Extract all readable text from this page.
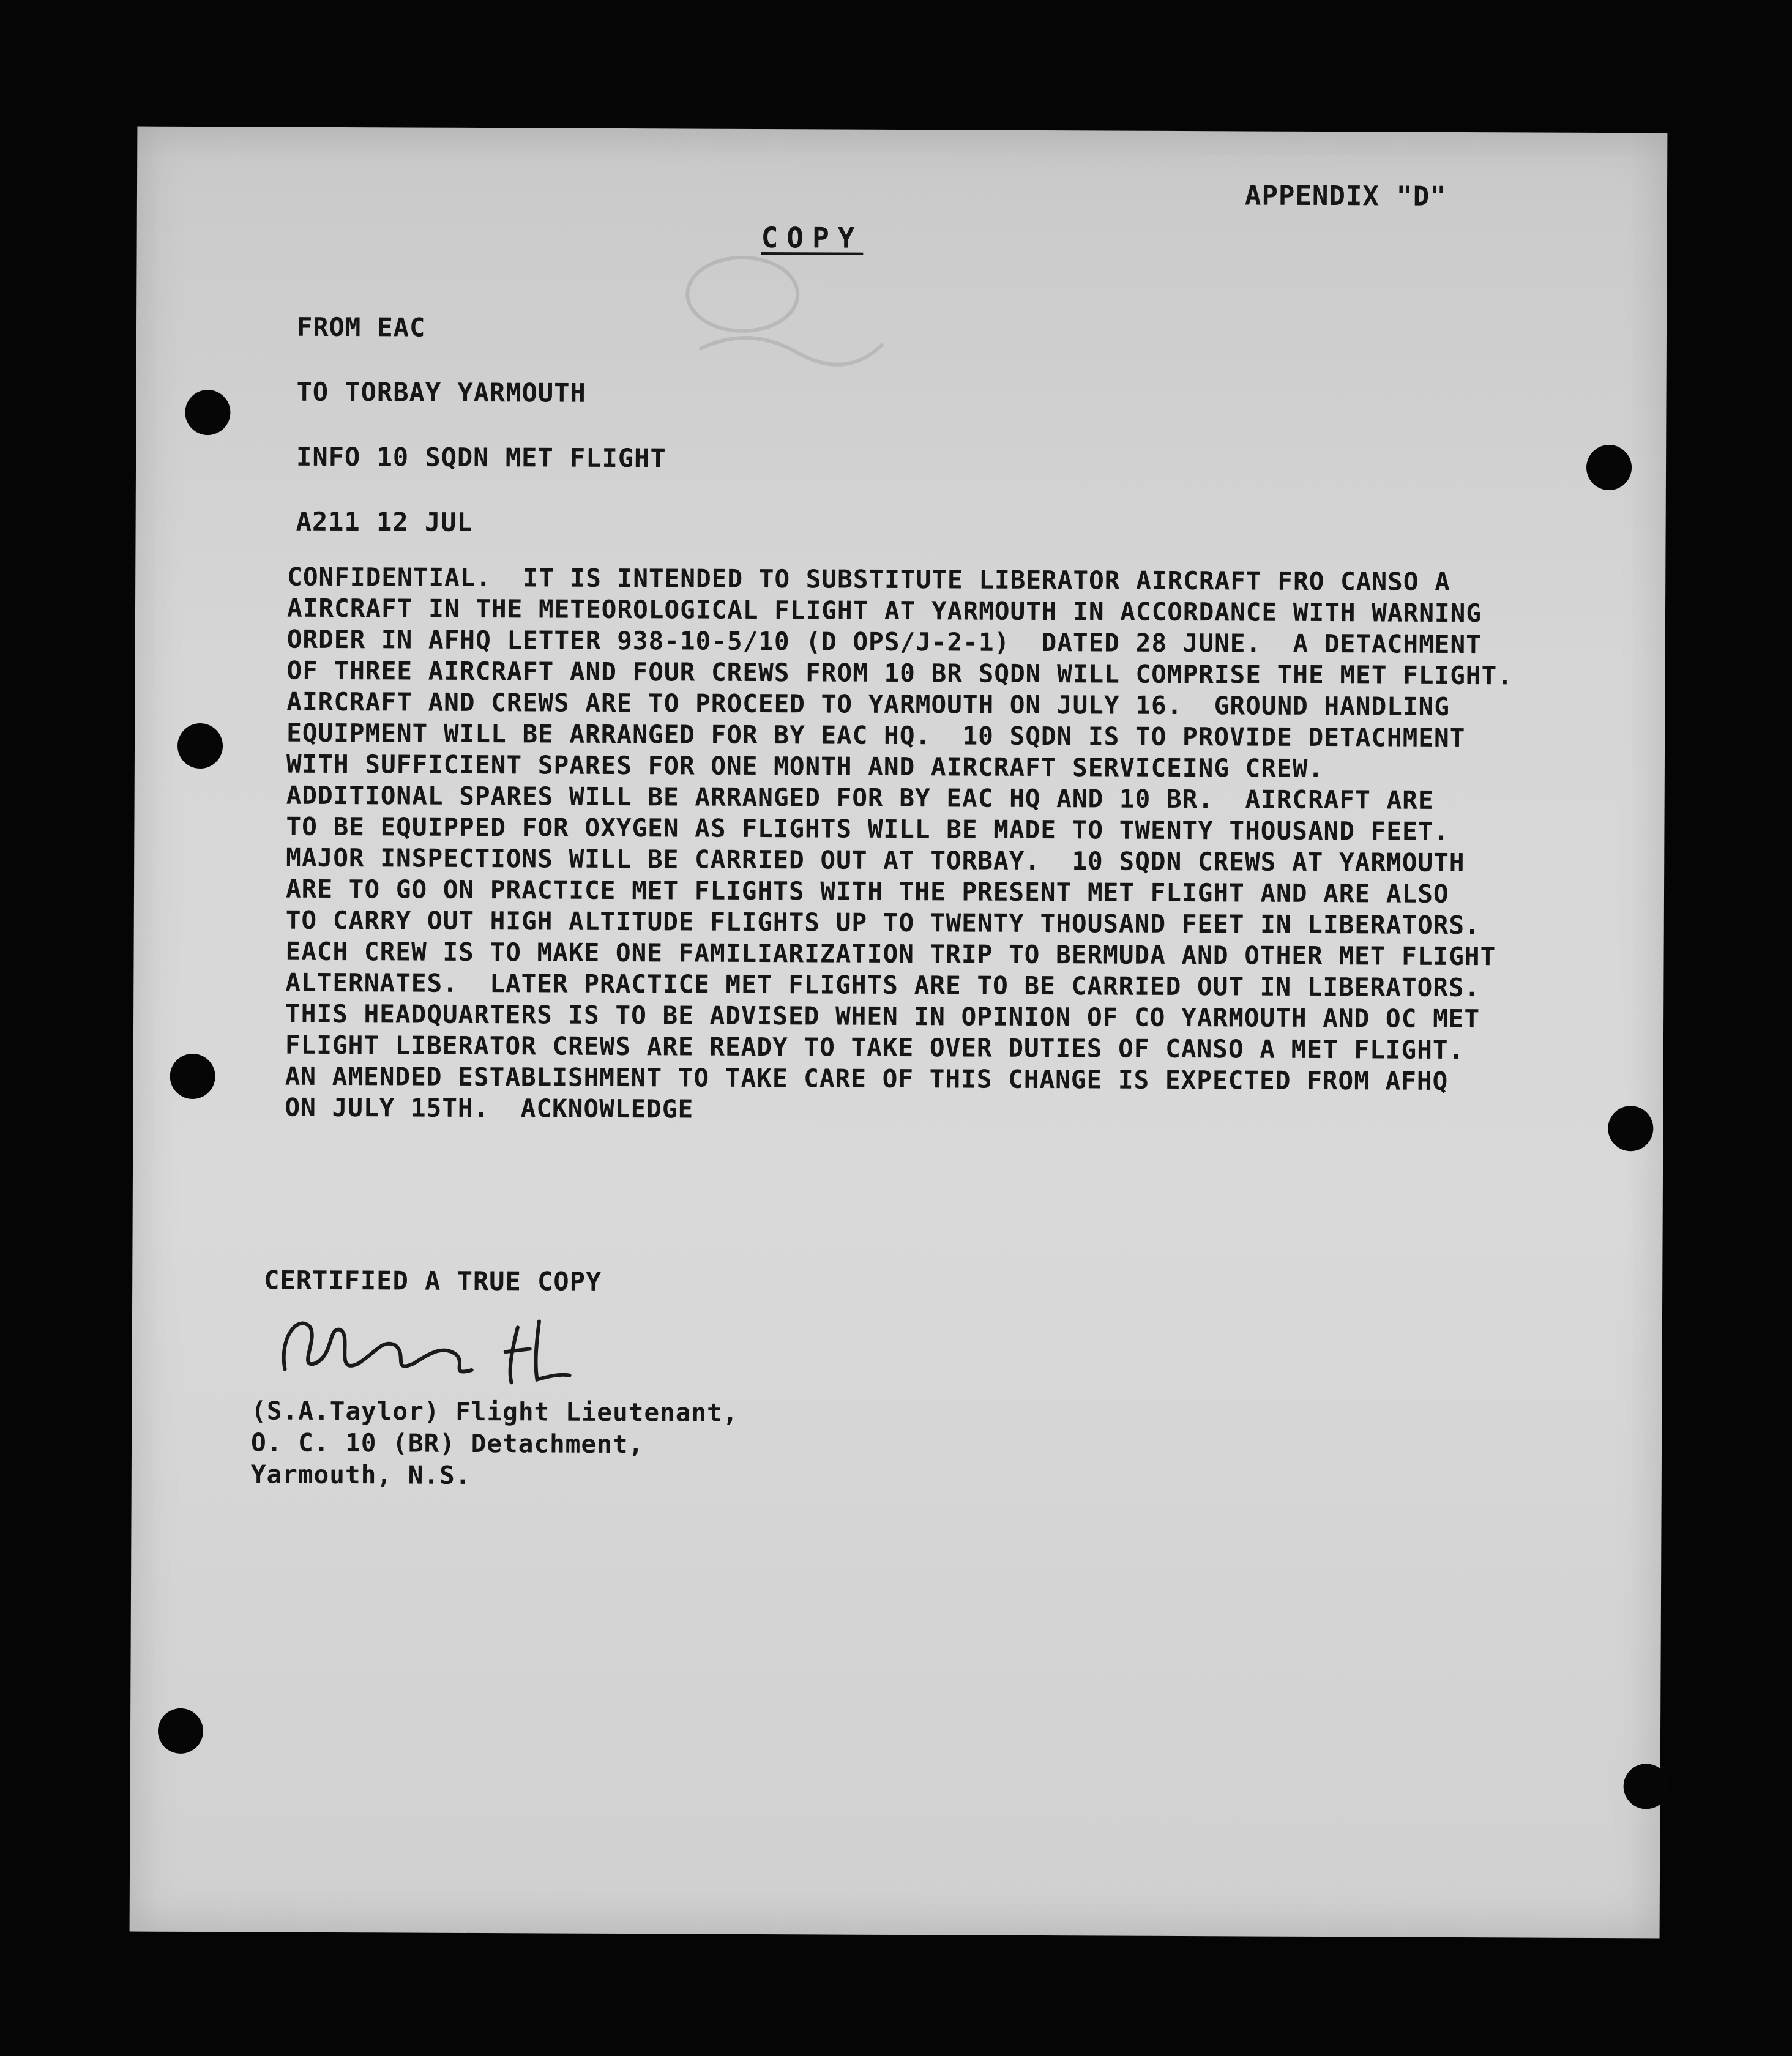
APPENDIX "D"
COPY
FROM EAC
TO TORBAY YARMOUTH
INFO 10 SQDN MET FLIGHT
A211 12 JUL
CONFIDENTIAL.  IT IS INTENDED TO SUBSTITUTE LIBERATOR AIRCRAFT FRO CANSO A
AIRCRAFT IN THE METEOROLOGICAL FLIGHT AT YARMOUTH IN ACCORDANCE WITH WARNING
ORDER IN AFHQ LETTER 938-10-5/10 (D OPS/J-2-1)  DATED 28 JUNE.  A DETACHMENT
OF THREE AIRCRAFT AND FOUR CREWS FROM 10 BR SQDN WILL COMPRISE THE MET FLIGHT.
AIRCRAFT AND CREWS ARE TO PROCEED TO YARMOUTH ON JULY 16.  GROUND HANDLING
EQUIPMENT WILL BE ARRANGED FOR BY EAC HQ.  10 SQDN IS TO PROVIDE DETACHMENT
WITH SUFFICIENT SPARES FOR ONE MONTH AND AIRCRAFT SERVICEING CREW.
ADDITIONAL SPARES WILL BE ARRANGED FOR BY EAC HQ AND 10 BR.  AIRCRAFT ARE
TO BE EQUIPPED FOR OXYGEN AS FLIGHTS WILL BE MADE TO TWENTY THOUSAND FEET.
MAJOR INSPECTIONS WILL BE CARRIED OUT AT TORBAY.  10 SQDN CREWS AT YARMOUTH
ARE TO GO ON PRACTICE MET FLIGHTS WITH THE PRESENT MET FLIGHT AND ARE ALSO
TO CARRY OUT HIGH ALTITUDE FLIGHTS UP TO TWENTY THOUSAND FEET IN LIBERATORS.
EACH CREW IS TO MAKE ONE FAMILIARIZATION TRIP TO BERMUDA AND OTHER MET FLIGHT
ALTERNATES.  LATER PRACTICE MET FLIGHTS ARE TO BE CARRIED OUT IN LIBERATORS.
THIS HEADQUARTERS IS TO BE ADVISED WHEN IN OPINION OF CO YARMOUTH AND OC MET
FLIGHT LIBERATOR CREWS ARE READY TO TAKE OVER DUTIES OF CANSO A MET FLIGHT.
AN AMENDED ESTABLISHMENT TO TAKE CARE OF THIS CHANGE IS EXPECTED FROM AFHQ
ON JULY 15TH.  ACKNOWLEDGE
CERTIFIED A TRUE COPY
(S.A.Taylor) Flight Lieutenant,
O. C. 10 (BR) Detachment,
Yarmouth, N.S.
